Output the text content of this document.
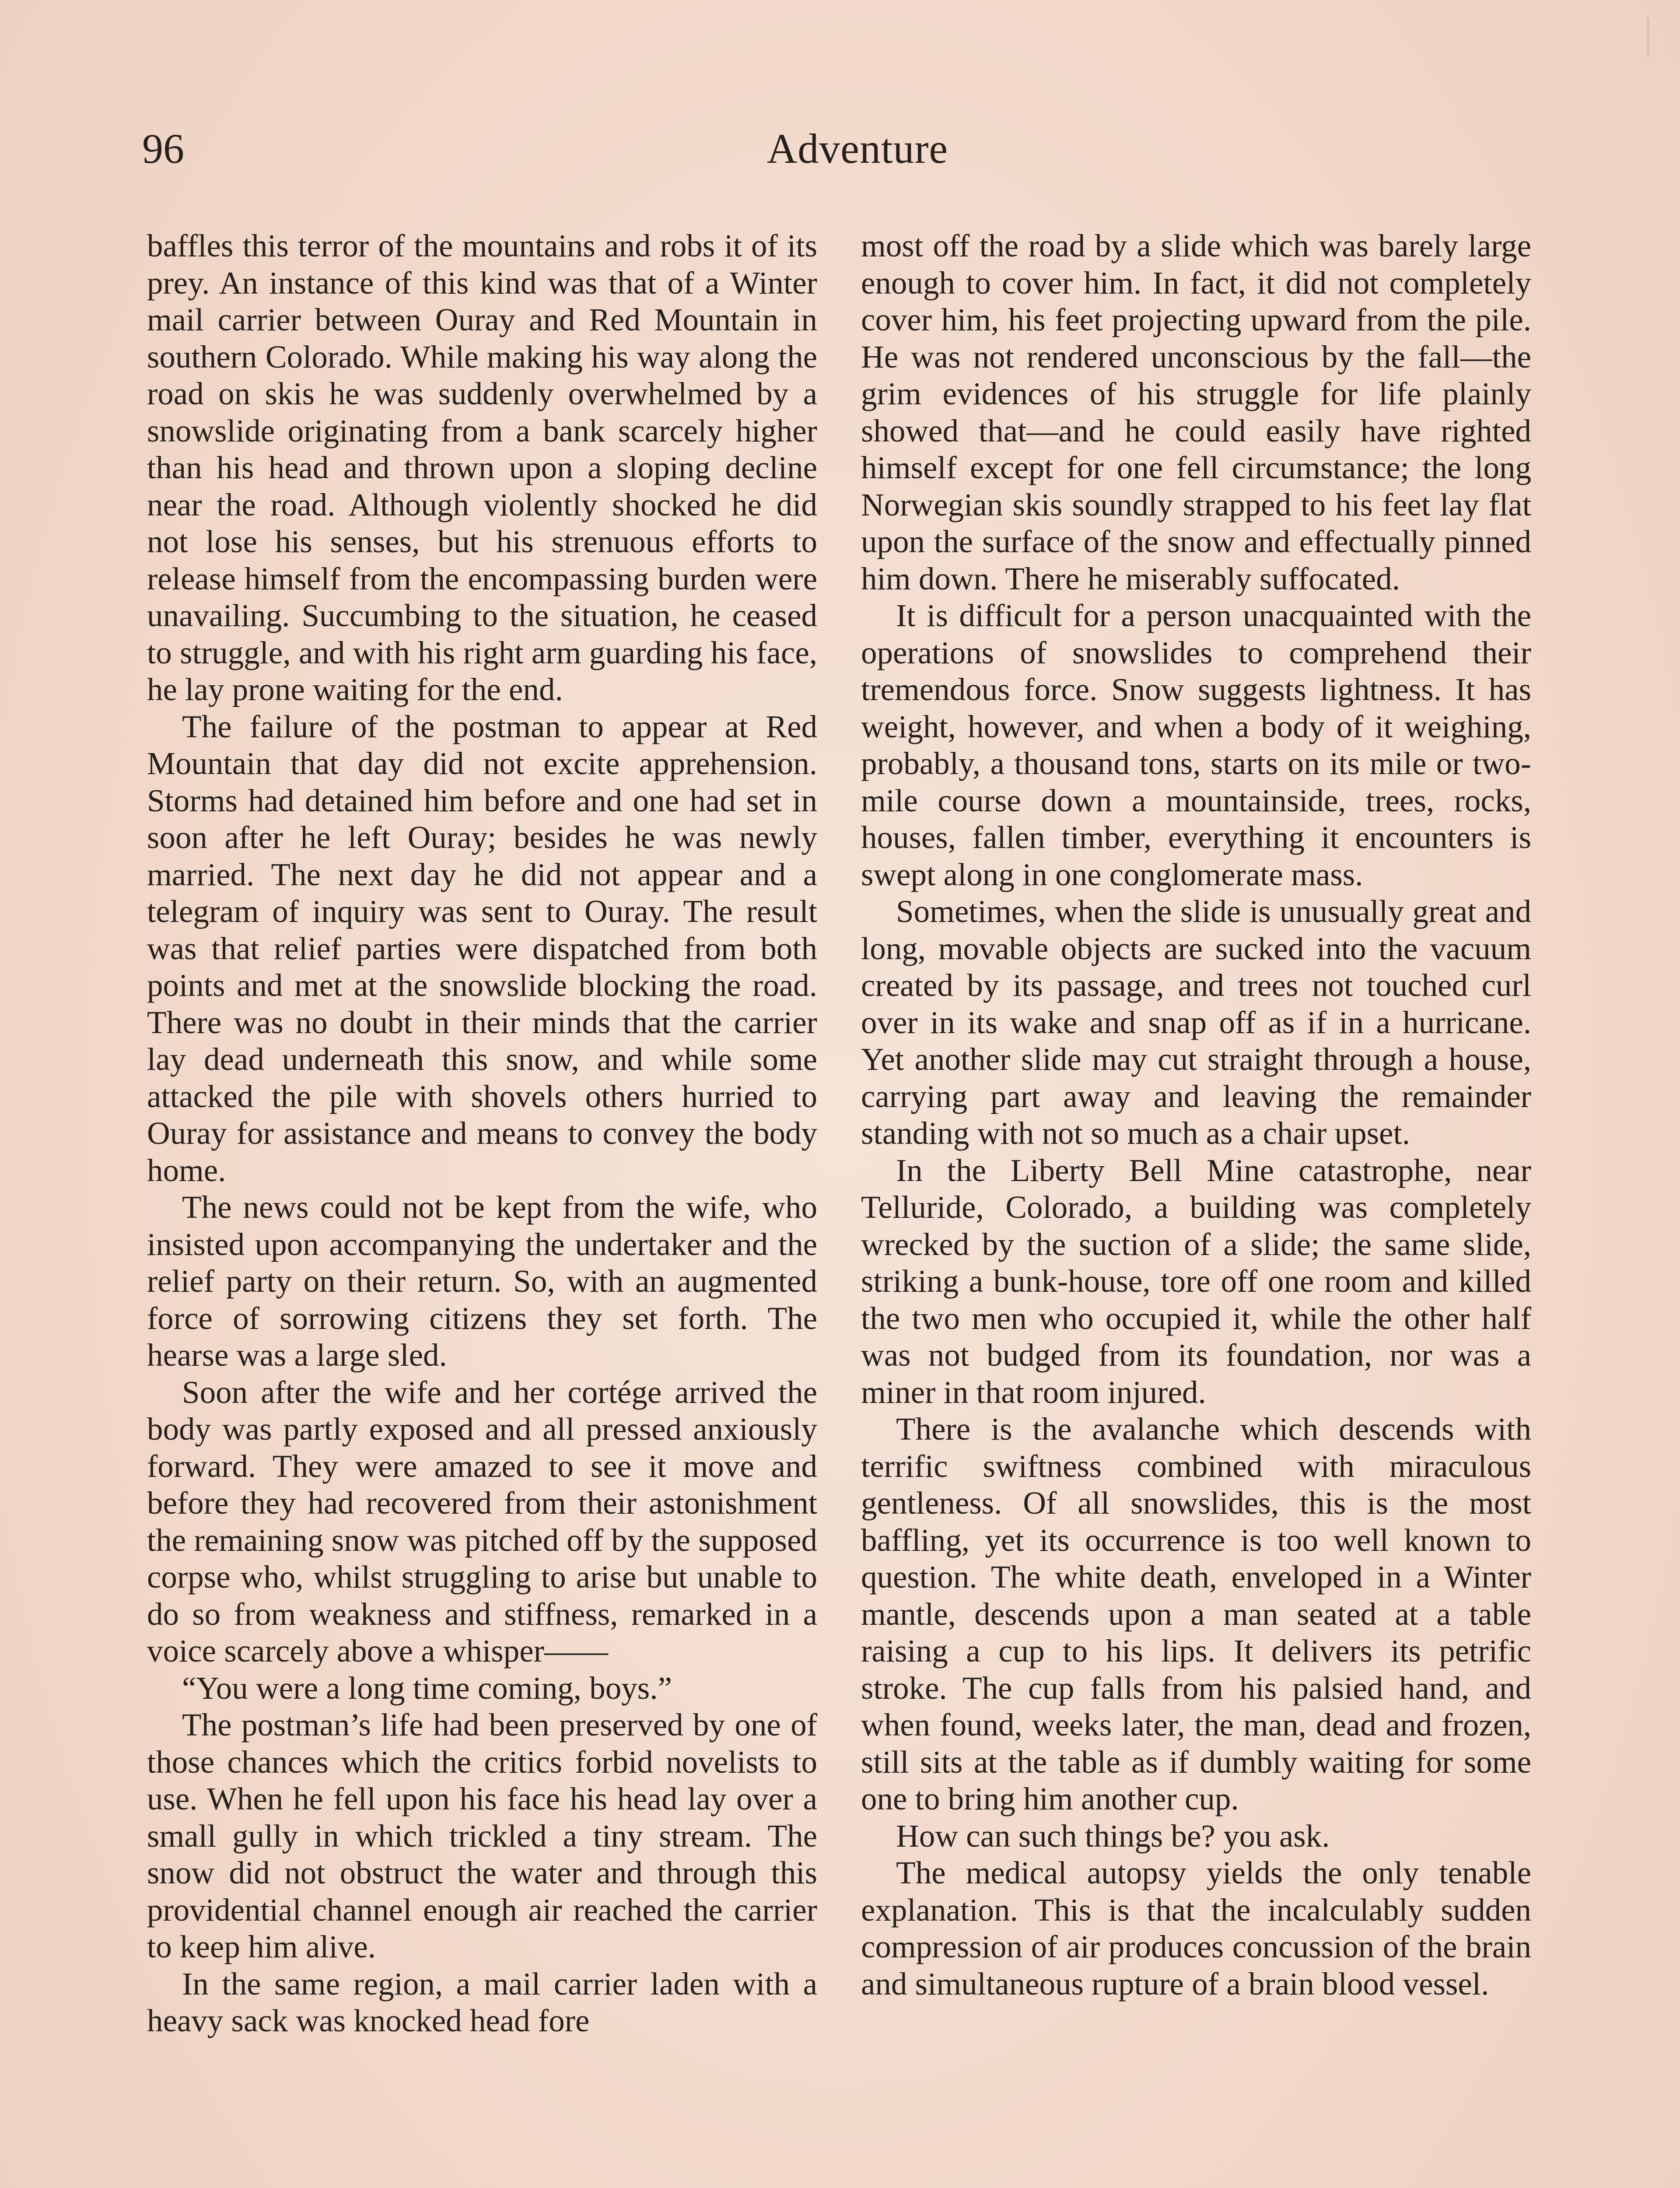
96	Adventure

baffles this terror of the mountains and robs it of its prey. An instance of this kind was that of a Winter mail carrier between Ouray and Red Mountain in southern Colorado. While making his way along the road on skis he was suddenly overwhelmed by a snowslide originating from a bank scarcely higher than his head and thrown upon a sloping decline near the road. Although violently shocked he did not lose his senses, but his strenuous efforts to release himself from the encompassing burden were unavailing. Succumbing to the situation, he ceased to struggle, and with his right arm guarding his face, he lay prone waiting for the end.

The failure of the postman to appear at Red Mountain that day did not excite apprehension. Storms had detained him before and one had set in soon after he left Ouray; besides he was newly married. The next day he did not appear and a telegram of inquiry was sent to Ouray. The result was that relief parties were dispatched from both points and met at the snowslide blocking the road. There was no doubt in their minds that the carrier lay dead underneath this snow, and while some attacked the pile with shovels others hurried to Ouray for assistance and means to convey the body home.

The news could not be kept from the wife, who insisted upon accompanying the undertaker and the relief party on their return. So, with an augmented force of sorrowing citizens they set forth. The hearse was a large sled.

Soon after the wife and her cortége arrived the body was partly exposed and all pressed anxiously forward. They were amazed to see it move and before they had recovered from their astonishment the remaining snow was pitched off by the supposed corpse who, whilst struggling to arise but unable to do so from weakness and stiffness, remarked in a voice scarcely above a whisper——

“You were a long time coming, boys.”

The postman’s life had been preserved by one of those chances which the critics forbid novelists to use. When he fell upon his face his head lay over a small gully in which trickled a tiny stream. The snow did not obstruct the water and through this providential channel enough air reached the carrier to keep him alive.

In the same region, a mail carrier laden with a heavy sack was knocked head fore

most off the road by a slide which was barely large enough to cover him. In fact, it did not completely cover him, his feet projecting upward from the pile. He was not rendered unconscious by the fall—the grim evidences of his struggle for life plainly showed that—and he could easily have righted himself except for one fell circumstance; the long Norwegian skis soundly strapped to his feet lay flat upon the surface of the snow and effectually pinned him down. There he miserably suffocated.

It is difficult for a person unacquainted with the operations of snowslides to comprehend their tremendous force. Snow suggests lightness. It has weight, however, and when a body of it weighing, probably, a thousand tons, starts on its mile or two-mile course down a mountainside, trees, rocks, houses, fallen timber, everything it encounters is swept along in one conglomerate mass.

Sometimes, when the slide is unusually great and long, movable objects are sucked into the vacuum created by its passage, and trees not touched curl over in its wake and snap off as if in a hurricane. Yet another slide may cut straight through a house, carrying part away and leaving the remainder standing with not so much as a chair upset.

In the Liberty Bell Mine catastrophe, near Telluride, Colorado, a building was completely wrecked by the suction of a slide; the same slide, striking a bunk-house, tore off one room and killed the two men who occupied it, while the other half was not budged from its foundation, nor was a miner in that room injured.

There is the avalanche which descends with terrific swiftness combined with miraculous gentleness. Of all snowslides, this is the most baffling, yet its occurrence is too well known to question. The white death, enveloped in a Winter mantle, descends upon a man seated at a table raising a cup to his lips. It delivers its petrific stroke. The cup falls from his palsied hand, and when found, weeks later, the man, dead and frozen, still sits at the table as if dumbly waiting for some one to bring him another cup.

How can such things be? you ask.

The medical autopsy yields the only tenable explanation. This is that the incalculably sudden compression of air produces concussion of the brain and simultaneous rupture of a brain blood vessel.
